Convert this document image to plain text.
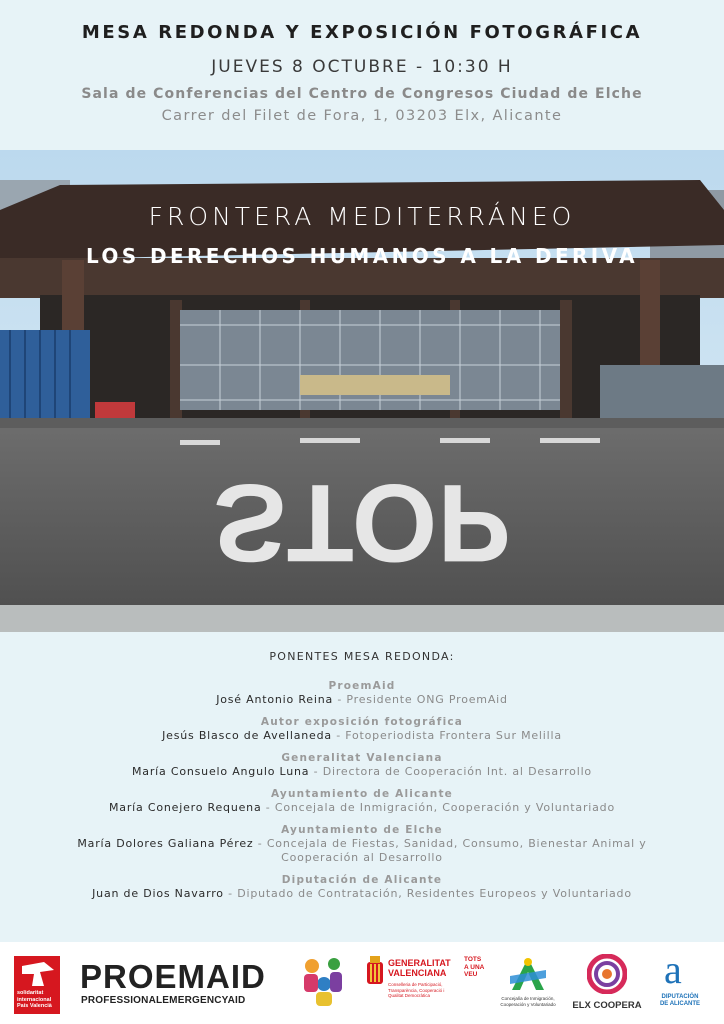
MESA REDONDA Y EXPOSICIÓN FOTOGRÁFICA
JUEVES 8 OCTUBRE - 10:30 H
Sala de Conferencias del Centro de Congresos Ciudad de Elche
Carrer del Filet de Fora, 1, 03203 Elx, Alicante
STOP
FRONTERA MEDITERRÁNEO
LOS DERECHOS HUMANOS A LA DERIVA
PONENTES MESA REDONDA:
ProemAid
José Antonio Reina - Presidente ONG ProemAid
Autor exposición fotográfica
Jesús Blasco de Avellaneda - Fotoperiodista Frontera Sur Melilla
Generalitat Valenciana
María Consuelo Angulo Luna - Directora de Cooperación Int. al Desarrollo
Ayuntamiento de Alicante
María Conejero Requena - Concejala de Inmigración, Cooperación y Voluntariado
Ayuntamiento de Elche
María Dolores Galiana Pérez - Concejala de Fiestas, Sanidad, Consumo, Bienestar Animal y
Cooperación al Desarrollo
Diputación de Alicante
Juan de Dios Navarro - Diputado de Contratación, Residentes Europeos y Voluntariado
solidaritat
internacional
País Valencià
PROEMAID
PROFESSIONALEMERGENCYAID
GENERALITAT
VALENCIANA
TOTS
A UNA
VEU
Conselleria de Participació, Transparència, Cooperació i Qualitat Democràtica
Concejalía de Inmigración, Cooperación y Voluntariado	ELX COOPERA
a
DIPUTACIÓN
DE ALICANTE
